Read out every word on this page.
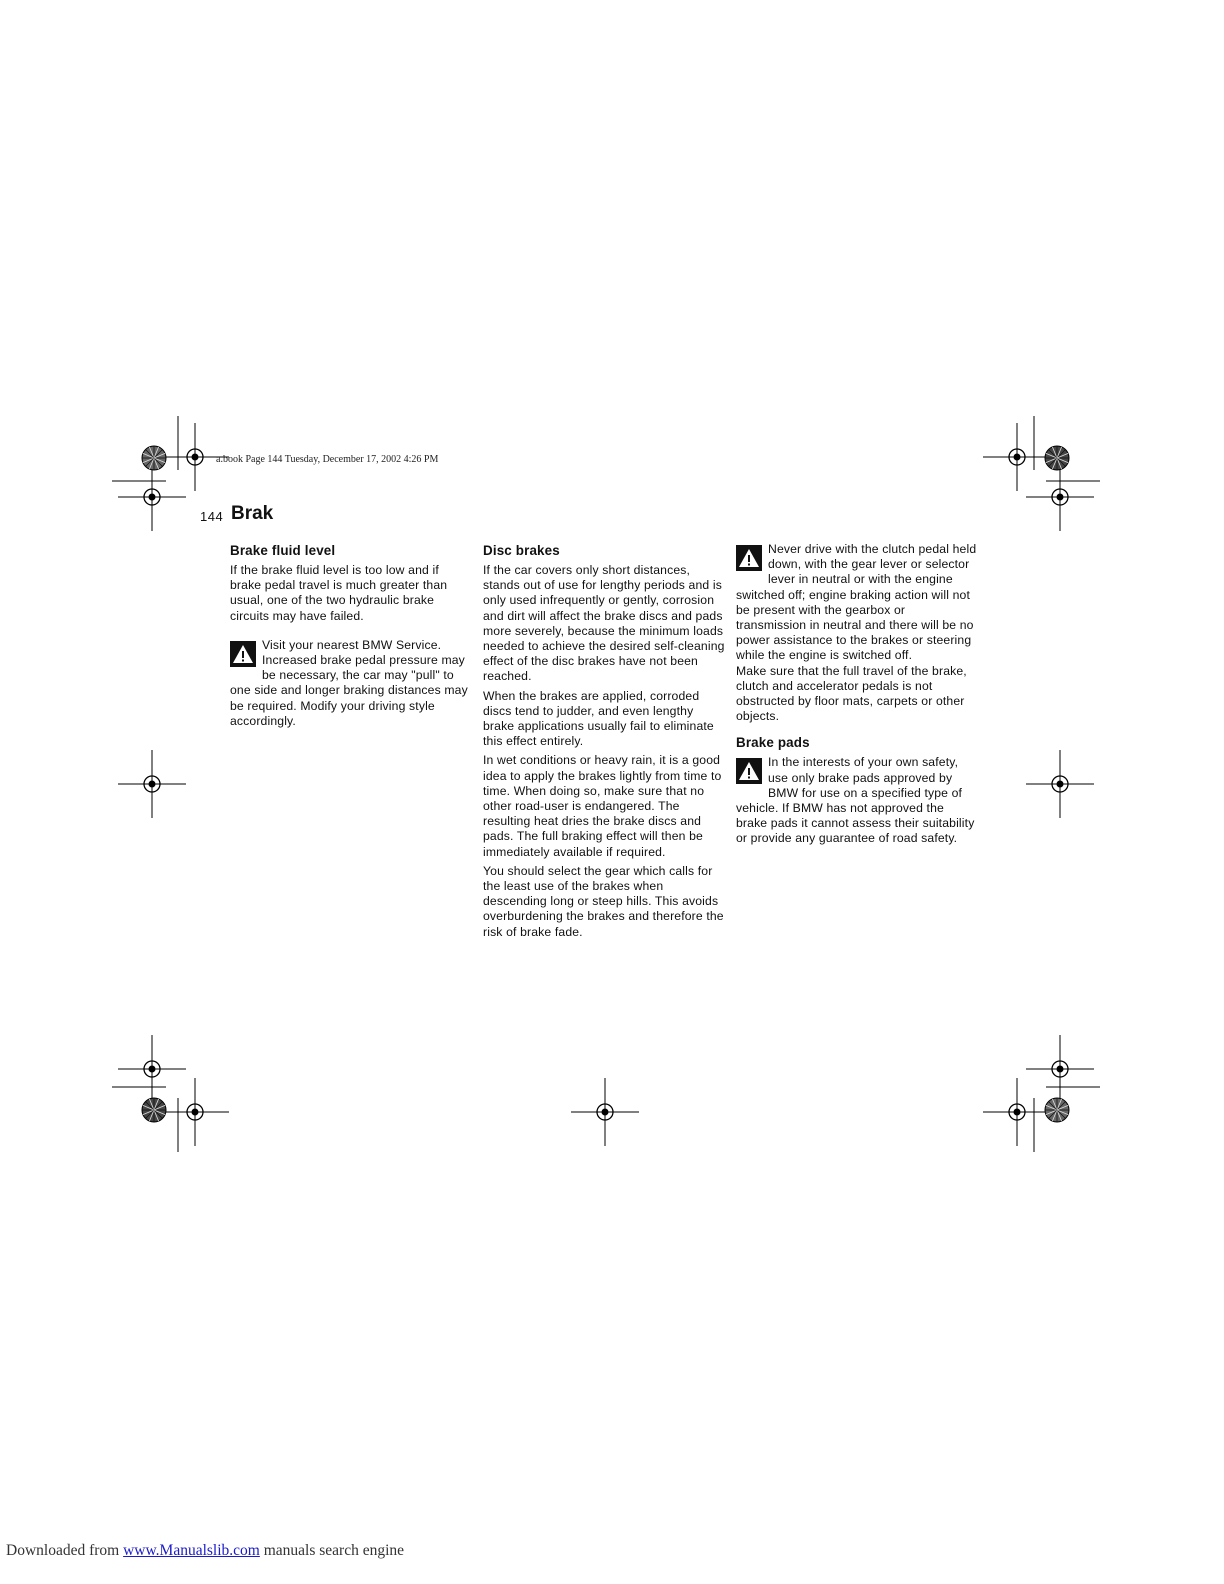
a.book Page 144 Tuesday, December 17, 2002 4:26 PM
144 Brak
Brake fluid level

If the brake fluid level is too low and if brake pedal travel is much greater than usual, one of the two hydraulic brake circuits may have failed.

Visit your nearest BMW Service. Increased brake pedal pressure may be necessary, the car may "pull" to one side and longer braking distances may be required. Modify your driving style accordingly.
Disc brakes

If the car covers only short distances, stands out of use for lengthy periods and is only used infrequently or gently, corrosion and dirt will affect the brake discs and pads more severely, because the minimum loads needed to achieve the desired self-cleaning effect of the disc brakes have not been reached.

When the brakes are applied, corroded discs tend to judder, and even lengthy brake applications usually fail to eliminate this effect entirely.

In wet conditions or heavy rain, it is a good idea to apply the brakes lightly from time to time. When doing so, make sure that no other road-user is endangered. The resulting heat dries the brake discs and pads. The full braking effect will then be immediately available if required.

You should select the gear which calls for the least use of the brakes when descending long or steep hills. This avoids overburdening the brakes and therefore the risk of brake fade.

Never drive with the clutch pedal held down, with the gear lever or selector lever in neutral or with the engine switched off; engine braking action will not be present with the gearbox or transmission in neutral and there will be no power assistance to the brakes or steering while the engine is switched off.
Make sure that the full travel of the brake, clutch and accelerator pedals is not obstructed by floor mats, carpets or other objects.
Brake pads
In the interests of your own safety, use only brake pads approved by BMW for use on a specified type of vehicle. If BMW has not approved the brake pads it cannot assess their suitability or provide any guarantee of road safety.
Downloaded from www.Manualslib.com manuals search engine
